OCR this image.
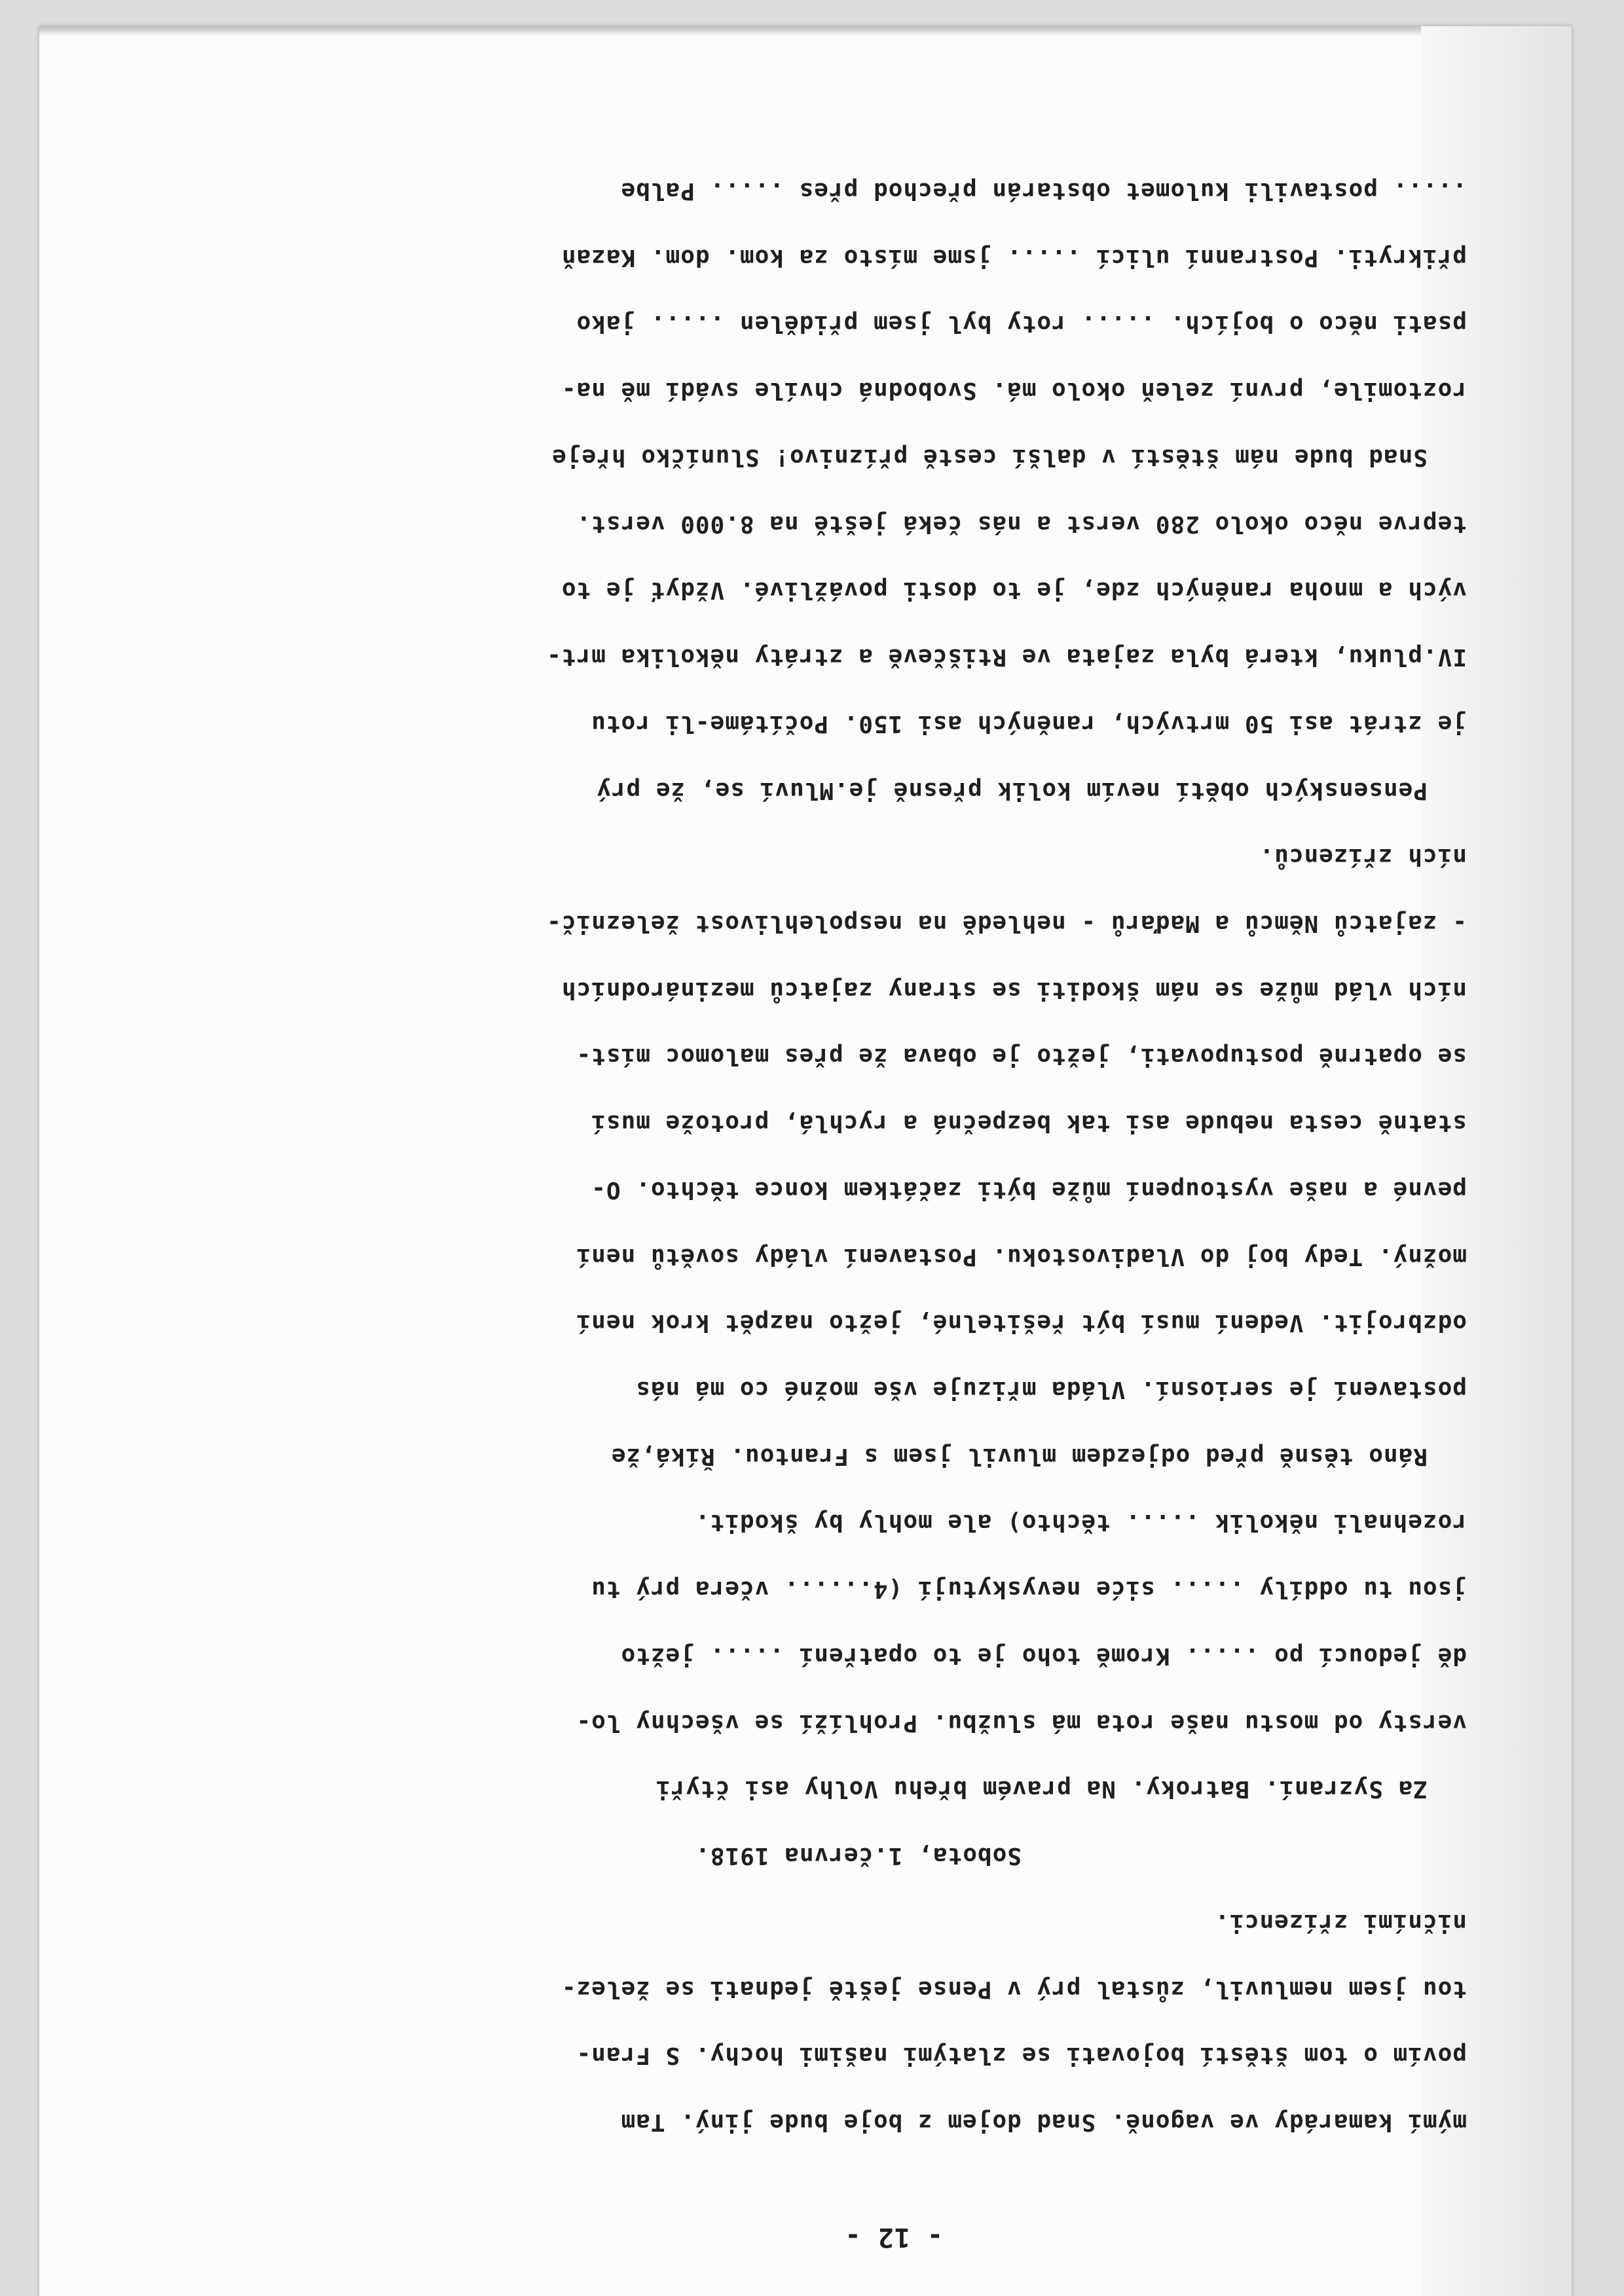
- 12 -
mýmí kamarády ve vagoně. Snad dojem z boje bude jiný. Tam
povím o tom štěstí bojovati se zlatými našimi hochy. S Fran-
tou jsem nemluvil, zůstal prý v Pense ještě jednati se želez-
ničními zřízenci.
Sobota, 1.června 1918.
Za Syzraní. Batroky. Na pravém břehu Volhy asi čtyři
versty od mostu naše rota má službu. Prohlíží se všechny lo-
dě jedoucí po ..... Kromě toho je to opatření ..... ježto
jsou tu oddíly ..... siće nevyskytují (4...... včera prý tu
rozehnali několik ..... těchto) ale mohly by škodit.
Ráno těsně před odjezdem mluvil jsem s Frantou. Říká,že
postavení je seriosní. Vláda mřizuje vše možné co má nás
odzbrojit. Vedení musí být řešitelné, ježto nazpět krok není
možný. Tedy boj do Vladivostoku. Postavení vlády sovětů není
pevné a naše vystoupení může býti začátkem konce těchto. O-
statně cesta nebude asi tak bezpečná a rychlá, protože musí
se opatrně postupovati, ježto je obava že přes malomoc míst-
ních vlád může se nám škoditi se strany zajatců mezinárodních
- zajatců Němců a Maďarů - nehledě na nespolehlivost železnič-
ních zřízenců.
Pensenských obětí nevím kolik přesně je.Mluví se, že prý
je ztrát asi 50 mrtvých, raněných asi 150. Počítáme-li rotu
IV.pluku, která byla zajata ve Rtiščevě a ztráty několika mrt-
vých a mnoha raněných zde, je to dosti povážlivé. Vždyť je to
teprve něco okolo 280 verst a nás čeká ještě na 8.000 verst.
Snad bude nám štěstí v další cestě příznivo! Sluníčko hřeje
roztomile, první zeleň okolo má. Svobodná chvíle svádí mě na-
psati něco o bojích. ..... roty byl jsem přidělen ..... jako
přikryti. Postranní ulicí ..... jsme místo za kom. dom. Kazaň
..... postavili kulomet obstarán přechod přes ..... Palbe
